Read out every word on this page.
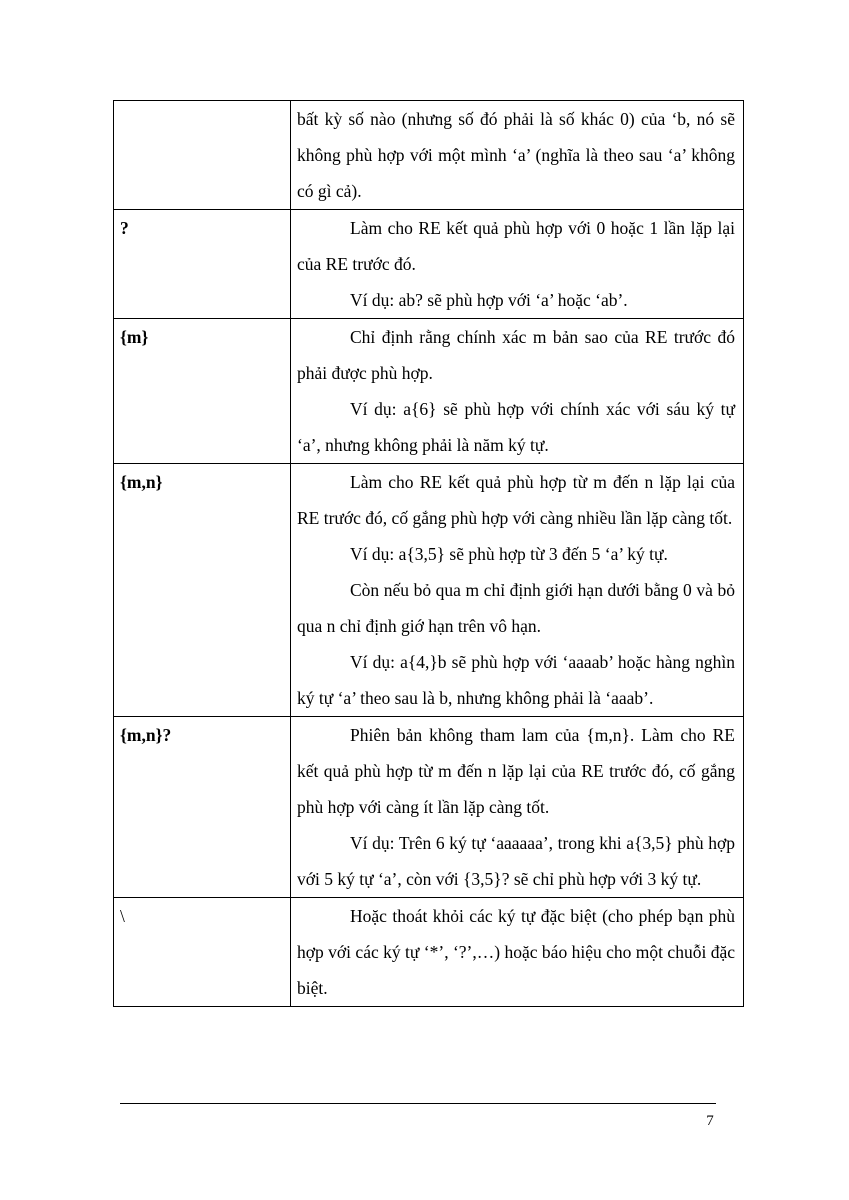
	bất kỳ số nào (nhưng số đó phải là số khác 0) của ‘b, nó sẽ không phù hợp với một mình ‘a’ (nghĩa là theo sau ‘a’ không có gì cả).

?	Làm cho RE kết quả phù hợp với 0 hoặc 1 lần lặp lại của RE trước đó.

Ví dụ: ab? sẽ phù hợp với ‘a’ hoặc ‘ab’.

{m}	Chỉ định rằng chính xác m bản sao của RE trước đó phải được phù hợp.

Ví dụ: a{6} sẽ phù hợp với chính xác với sáu ký tự ‘a’, nhưng không phải là năm ký tự.

{m,n}	Làm cho RE kết quả phù hợp từ m đến n lặp lại của RE trước đó, cố gắng phù hợp với càng nhiều lần lặp càng tốt.

Ví dụ: a{3,5} sẽ phù hợp từ 3 đến 5 ‘a’ ký tự.

Còn nếu bỏ qua m chỉ định giới hạn dưới bằng 0 và bỏ qua n chỉ định giớ hạn trên vô hạn.

Ví dụ: a{4,}b sẽ phù hợp với ‘aaaab’ hoặc hàng nghìn ký tự ‘a’ theo sau là b, nhưng không phải là ‘aaab’.

{m,n}?	Phiên bản không tham lam của {m,n}. Làm cho RE kết quả phù hợp từ m đến n lặp lại của RE trước đó, cố gắng phù hợp với càng ít lần lặp càng tốt.

Ví dụ: Trên 6 ký tự ‘aaaaaa’, trong khi a{3,5} phù hợp với 5 ký tự ‘a’, còn với {3,5}? sẽ chỉ phù hợp với 3 ký tự.

\	Hoặc thoát khỏi các ký tự đặc biệt (cho phép bạn phù hợp với các ký tự ‘*’, ‘?’,…) hoặc báo hiệu cho một chuỗi đặc biệt.

7
